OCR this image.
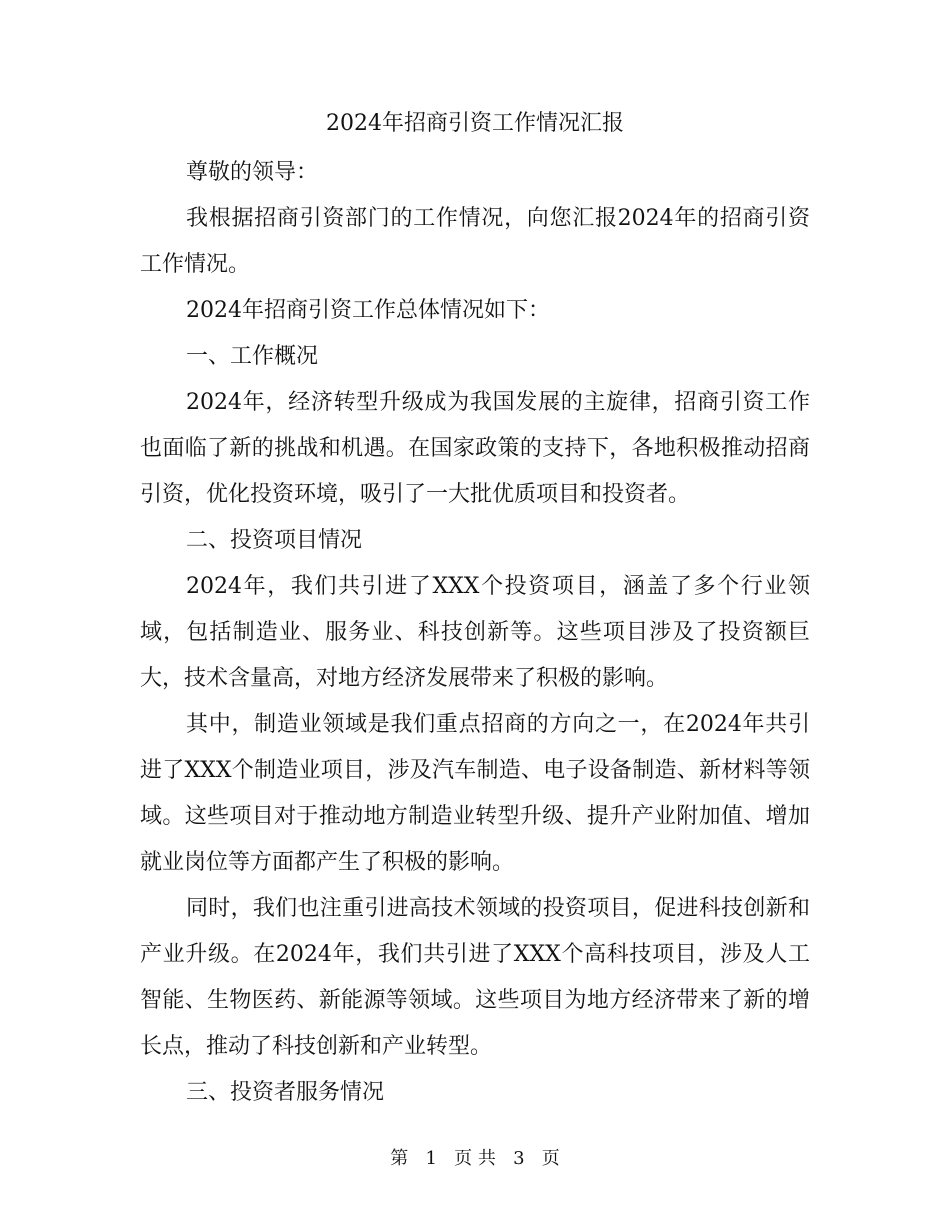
2024年招商引资工作情况汇报

尊敬的领导：

我根据招商引资部门的工作情况，向您汇报2024年的招商引资工作情况。

2024年招商引资工作总体情况如下：

一、工作概况

2024年，经济转型升级成为我国发展的主旋律，招商引资工作也面临了新的挑战和机遇。在国家政策的支持下，各地积极推动招商引资，优化投资环境，吸引了一大批优质项目和投资者。

二、投资项目情况

2024年，我们共引进了XXX个投资项目，涵盖了多个行业领域，包括制造业、服务业、科技创新等。这些项目涉及了投资额巨大，技术含量高，对地方经济发展带来了积极的影响。

其中，制造业领域是我们重点招商的方向之一，在2024年共引进了XXX个制造业项目，涉及汽车制造、电子设备制造、新材料等领域。这些项目对于推动地方制造业转型升级、提升产业附加值、增加就业岗位等方面都产生了积极的影响。

同时，我们也注重引进高技术领域的投资项目，促进科技创新和产业升级。在2024年，我们共引进了XXX个高科技项目，涉及人工智能、生物医药、新能源等领域。这些项目为地方经济带来了新的增长点，推动了科技创新和产业转型。

三、投资者服务情况

第 1 页 共 3 页
